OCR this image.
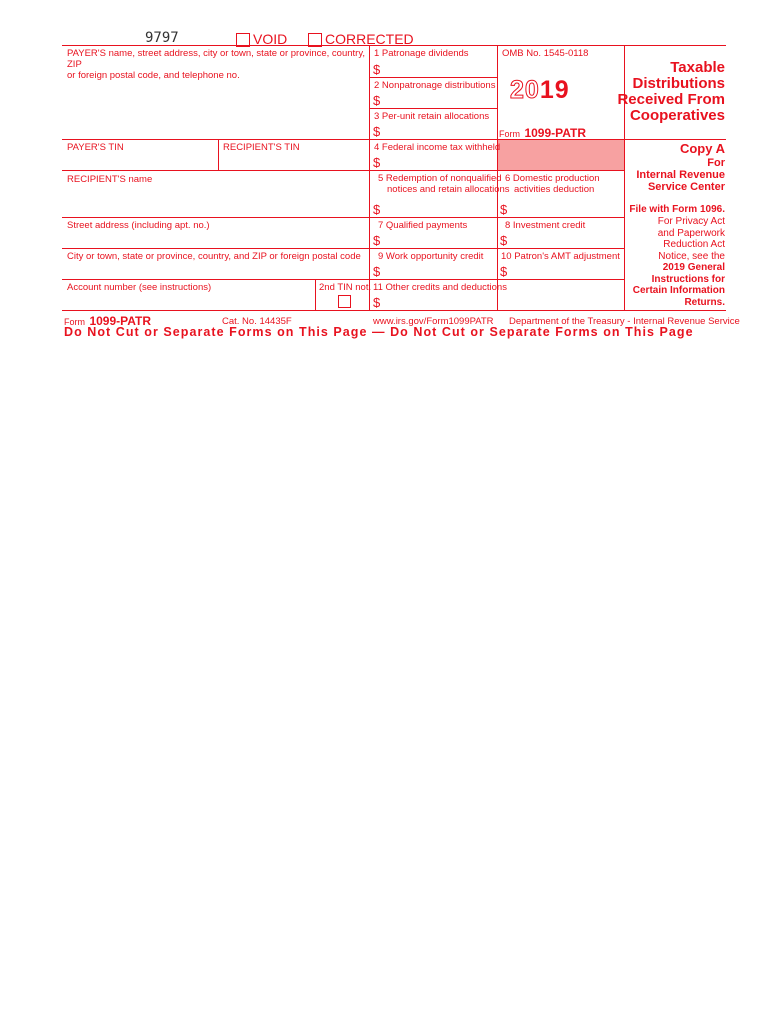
9797	VOID	CORRECTED
PAYER'S name, street address, city or town, state or province, country, ZIP
or foreign postal code, and telephone no.
PAYER'S TIN	RECIPIENT'S TIN
RECIPIENT'S name
Street address (including apt. no.)
City or town, state or province, country, and ZIP or foreign postal code
Account number (see instructions)	2nd TIN not.
1 Patronage dividends
$
OMB No. 1545-0118
2019
Form 1099-PATR
Taxable
Distributions
Received From
Cooperatives
2 Nonpatronage distributions
$
3 Per-unit retain allocations
$
4 Federal income tax withheld
$
5 Redemption of nonqualified
notices and retain allocations
$
6 Domestic production
activities deduction
$
7 Qualified payments
$
8 Investment credit
$
9 Work opportunity credit
$
10 Patron's AMT adjustment
$
11 Other credits and deductions
$
Copy A
For
Internal Revenue
Service Center
File with Form 1096.
For Privacy Act
and Paperwork
Reduction Act
Notice, see the
2019 General
Instructions for
Certain Information
Returns.
Form 1099-PATR	Cat. No. 14435F	www.irs.gov/Form1099PATR Department of the Treasury - Internal Revenue Service
Do Not Cut or Separate Forms on This Page — Do Not Cut or Separate Forms on This Page
